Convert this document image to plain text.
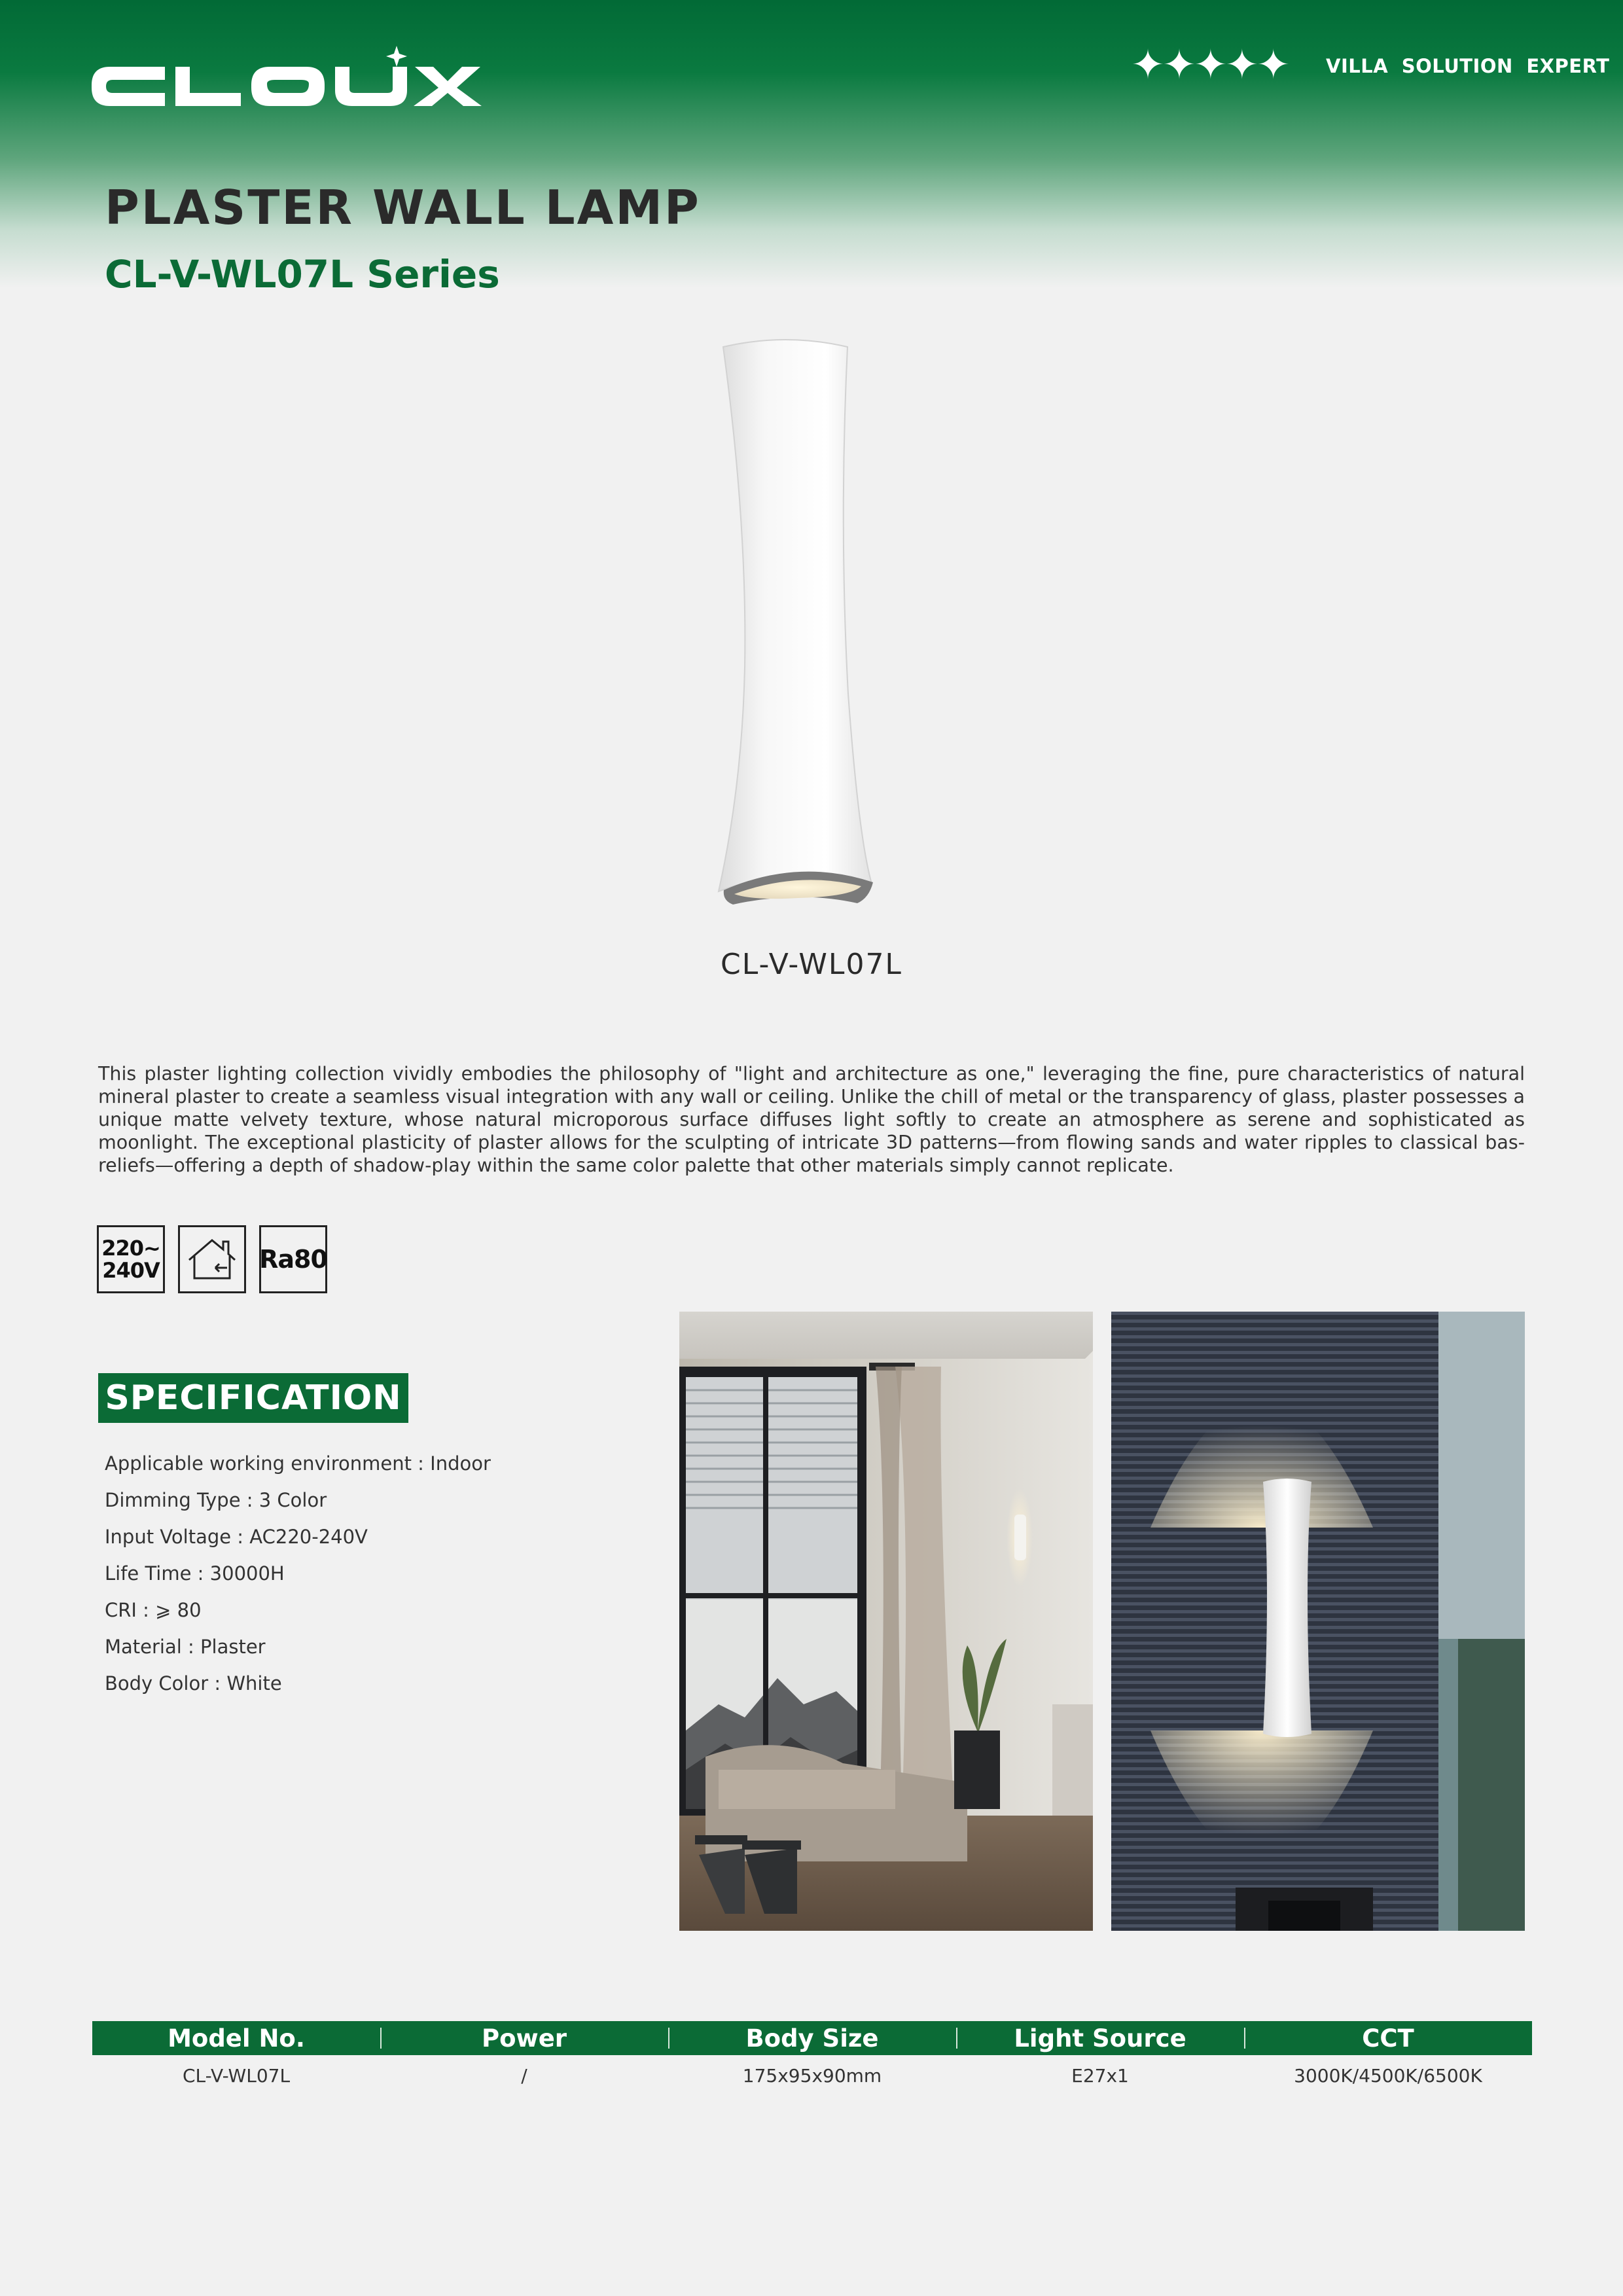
✦✦✦✦✦ VILLA SOLUTION EXPERT
PLASTER WALL LAMP
CL-V-WL07L Series
CL-V-WL07L

This plaster lighting collection vividly embodies the philosophy of "light and architecture as one," leveraging the fine, pure characteristics of natural mineral plaster to create a seamless visual integration with any wall or ceiling. Unlike the chill of metal or the transparency of glass, plaster possesses a unique matte velvety texture, whose natural microporous surface diffuses light softly to create an atmosphere as serene and sophisticated as moonlight. The exceptional plasticity of plaster allows for the sculpting of intricate 3D patterns—from flowing sands and water ripples to classical bas-reliefs—offering a depth of shadow-play within the same color palette that other materials simply cannot replicate.

220~
240V	Ra80
SPECIFICATION
Applicable working environment : Indoor
Dimming Type : 3 Color
Input Voltage : AC220-240V
Life Time : 30000H
CRI : ⩾ 80
Material : Plaster
Body Color : White
Model No.	Power	Body Size	Light Source	CCT
CL-V-WL07L	/	175x95x90mm	E27x1	3000K/4500K/6500K
